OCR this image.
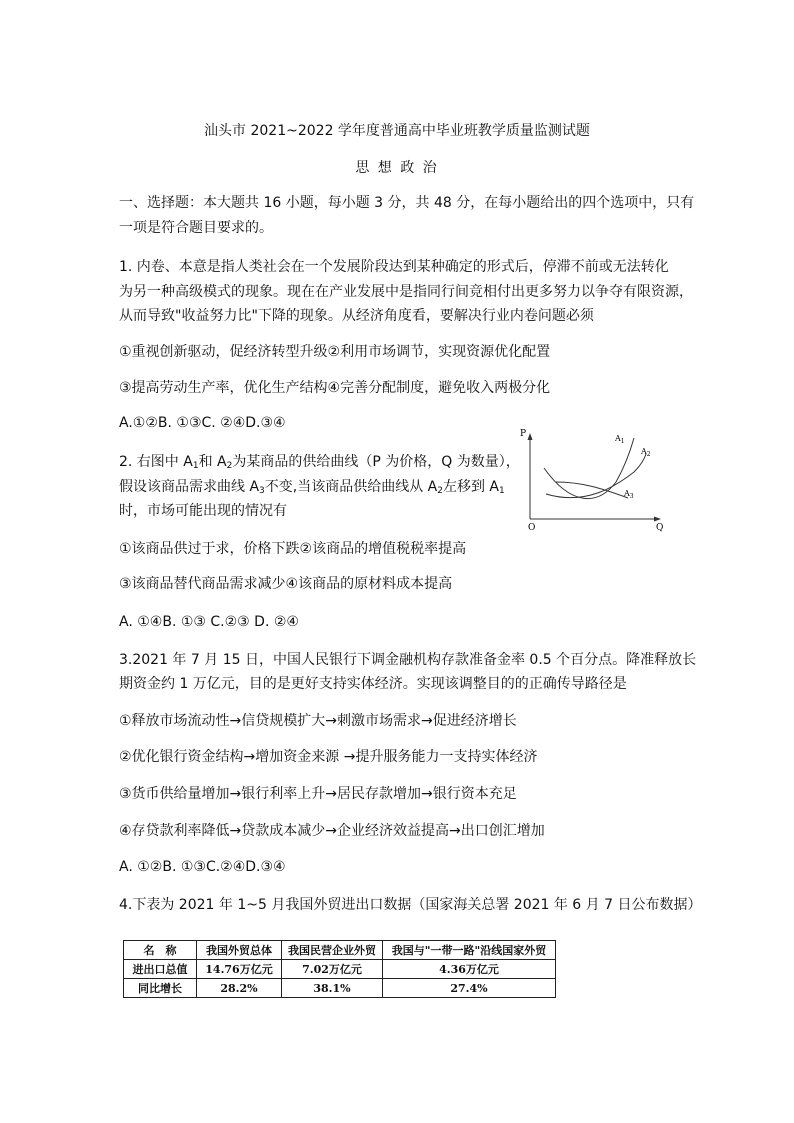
汕头市 2021~2022 学年度普通高中毕业班教学质量监测试题
思 想 政 治
一、选择题：本大题共 16 小题，每小题 3 分，共 48 分，在每小题给出的四个选项中，只有
一项是符合题目要求的。
1. 内卷、本意是指人类社会在一个发展阶段达到某种确定的形式后，停滞不前或无法转化
为另一种高级模式的现象。现在在产业发展中是指同行间竞相付出更多努力以争夺有限资源，
从而导致"收益努力比"下降的现象。从经济角度看，要解决行业内卷问题必须
①重视创新驱动，促经济转型升级②利用市场调节，实现资源优化配置
③提高劳动生产率，优化生产结构④完善分配制度，避免收入两极分化
A.①②B. ①③C. ②④D.③④
2. 右图中 $A_1$和 $A_2$为某商品的供给曲线（P 为价格，Q 为数量），
假设该商品需求曲线 $A_3$不变,当该商品供给曲线从 $A_2$左移到 $A_1$
时，市场可能出现的情况有
①该商品供过于求，价格下跌②该商品的增值税税率提高
③该商品替代商品需求减少④该商品的原材料成本提高
A. ①④B. ①③ C.②③ D. ②④
P
Q
O
$A_1$
$A_2$
$A_3$
3.2021 年 7 月 15 日，中国人民银行下调金融机构存款准备金率 0.5 个百分点。降准释放长
期资金约 1 万亿元，目的是更好支持实体经济。实现该调整目的的正确传导路径是
①释放市场流动性→信贷规模扩大→刺激市场需求→促进经济增长
②优化银行资金结构→增加资金来源 →提升服务能力一支持实体经济
③货币供给量增加→银行利率上升→居民存款增加→银行资本充足
④存贷款利率降低→贷款成本减少→企业经济效益提高→出口创汇增加
A. ①②B. ①③C.②④D.③④
4.下表为 2021 年 1~5 月我国外贸进出口数据（国家海关总署 2021 年 6 月 7 日公布数据）
名　称	我国外贸总体	我国民营企业外贸	我国与"一带一路"沿线国家外贸
进出口总值	14.76万亿元	7.02万亿元	4.36万亿元
同比增长	28.2%	38.1%	27.4%
